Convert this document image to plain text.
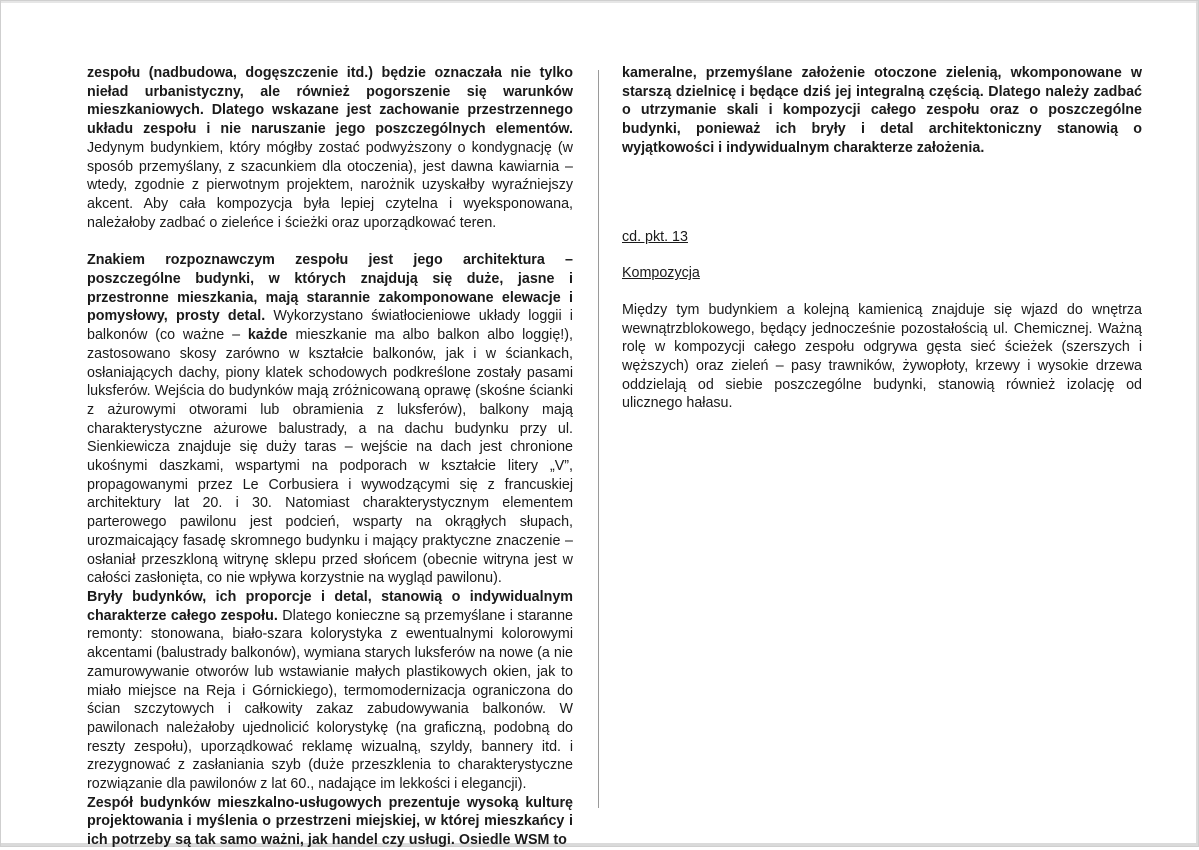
zespołu (nadbudowa, dogęszczenie itd.) będzie oznaczała nie tylko nieład urbanistyczny, ale również pogorszenie się warunków mieszkaniowych. Dlatego wskazane jest zachowanie przestrzennego układu zespołu i nie naruszanie jego poszczególnych elementów. Jedynym budynkiem, który mógłby zostać podwyższony o kondygnację (w sposób przemyślany, z szacunkiem dla otoczenia), jest dawna kawiarnia – wtedy, zgodnie z pierwotnym projektem, narożnik uzyskałby wyraźniejszy akcent. Aby cała kompozycja była lepiej czytelna i wyeksponowana, należałoby zadbać o zieleńce i ścieżki oraz uporządkować teren.

Znakiem rozpoznawczym zespołu jest jego architektura – poszczególne budynki, w których znajdują się duże, jasne i przestronne mieszkania, mają starannie zakomponowane elewacje i pomysłowy, prosty detal. Wykorzystano światłocieniowe układy loggii i balkonów (co ważne – każde mieszkanie ma albo balkon albo loggię!), zastosowano skosy zarówno w kształcie balkonów, jak i w ściankach, osłaniających dachy, piony klatek schodowych podkreślone zostały pasami luksferów. Wejścia do budynków mają zróżnicowaną oprawę (skośne ścianki z ażurowymi otworami lub obramienia z luksferów), balkony mają charakterystyczne ażurowe balustrady, a na dachu budynku przy ul. Sienkiewicza znajduje się duży taras – wejście na dach jest chronione ukośnymi daszkami, wspartymi na podporach w kształcie litery „V”, propagowanymi przez Le Corbusiera i wywodzącymi się z francuskiej architektury lat 20. i 30. Natomiast charakterystycznym elementem parterowego pawilonu jest podcień, wsparty na okrągłych słupach, urozmaicający fasadę skromnego budynku i mający praktyczne znaczenie – osłaniał przeszkloną witrynę sklepu przed słońcem (obecnie witryna jest w całości zasłonięta, co nie wpływa korzystnie na wygląd pawilonu).

Bryły budynków, ich proporcje i detal, stanowią o indywidualnym charakterze całego zespołu. Dlatego konieczne są przemyślane i staranne remonty: stonowana, biało-szara kolorystyka z ewentualnymi kolorowymi akcentami (balustrady balkonów), wymiana starych luksferów na nowe (a nie zamurowywanie otworów lub wstawianie małych plastikowych okien, jak to miało miejsce na Reja i Górnickiego), termomodernizacja ograniczona do ścian szczytowych i całkowity zakaz zabudowywania balkonów. W pawilonach należałoby ujednolicić kolorystykę (na graficzną, podobną do reszty zespołu), uporządkować reklamę wizualną, szyldy, bannery itd. i zrezygnować z zasłaniania szyb (duże przeszklenia to charakterystyczne rozwiązanie dla pawilonów z lat 60., nadające im lekkości i elegancji).

Zespół budynków mieszkalno-usługowych prezentuje wysoką kulturę projektowania i myślenia o przestrzeni miejskiej, w której mieszkańcy i ich potrzeby są tak samo ważni, jak handel czy usługi. Osiedle WSM to

kameralne, przemyślane założenie otoczone zielenią, wkomponowane w starszą dzielnicę i będące dziś jej integralną częścią. Dlatego należy zadbać o utrzymanie skali i kompozycji całego zespołu oraz o poszczególne budynki, ponieważ ich bryły i detal architektoniczny stanowią o wyjątkowości i indywidualnym charakterze założenia.

cd. pkt. 13

Kompozycja

Między tym budynkiem a kolejną kamienicą znajduje się wjazd do wnętrza wewnątrzblokowego, będący jednocześnie pozostałością ul. Chemicznej. Ważną rolę w kompozycji całego zespołu odgrywa gęsta sieć ścieżek (szerszych i węższych) oraz zieleń – pasy trawników, żywopłoty, krzewy i wysokie drzewa oddzielają od siebie poszczególne budynki, stanowią również izolację od ulicznego hałasu.
